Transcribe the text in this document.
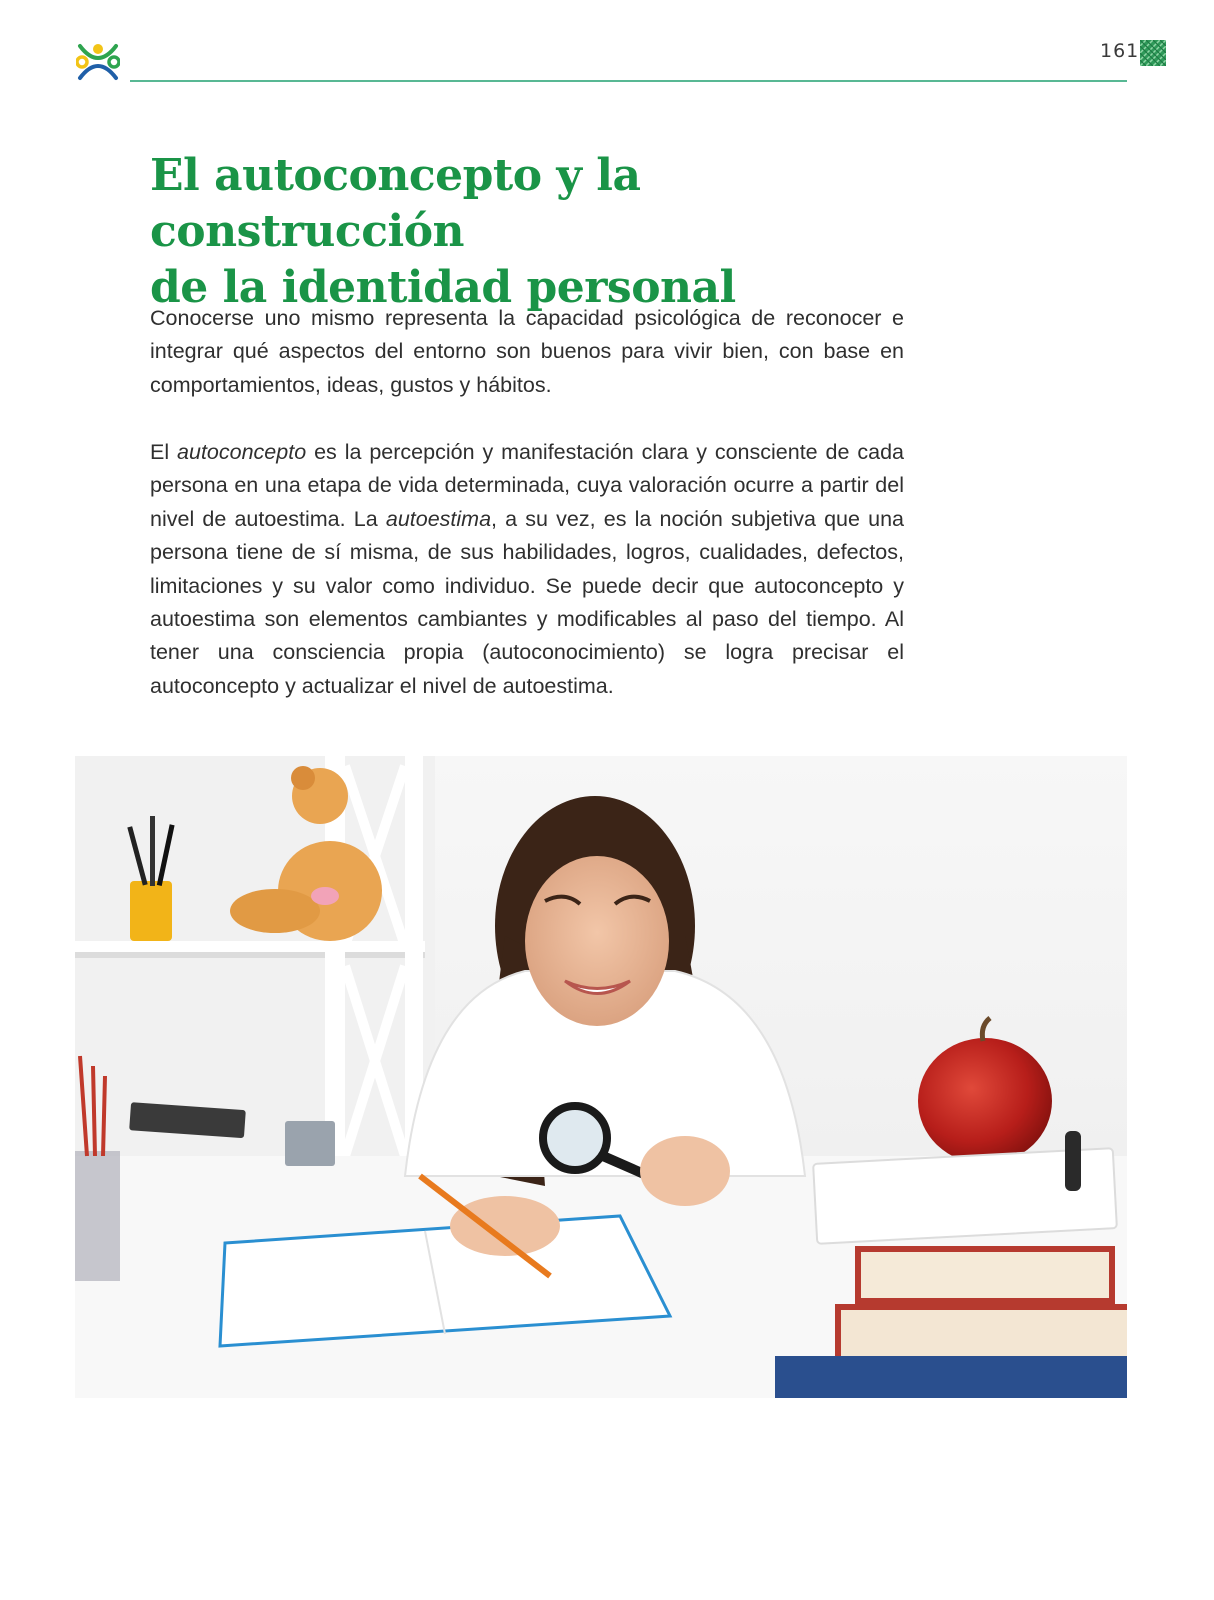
161
El autoconcepto y la construcción
de la identidad personal

Conocerse uno mismo representa la capacidad psicológica de reconocer e integrar qué aspectos del entorno son buenos para vivir bien, con base en comportamientos, ideas, gustos y hábitos.

El autoconcepto es la percepción y manifestación clara y consciente de cada persona en una etapa de vida determinada, cuya valoración ocurre a partir del nivel de autoestima. La autoestima, a su vez, es la noción subjetiva que una persona tiene de sí misma, de sus habilidades, logros, cualidades, defectos, limitaciones y su valor como individuo. Se puede decir que autoconcepto y autoestima son elementos cambiantes y modificables al paso del tiempo. Al tener una consciencia propia (autoconocimiento) se logra precisar el autoconcepto y actualizar el nivel de autoestima.
